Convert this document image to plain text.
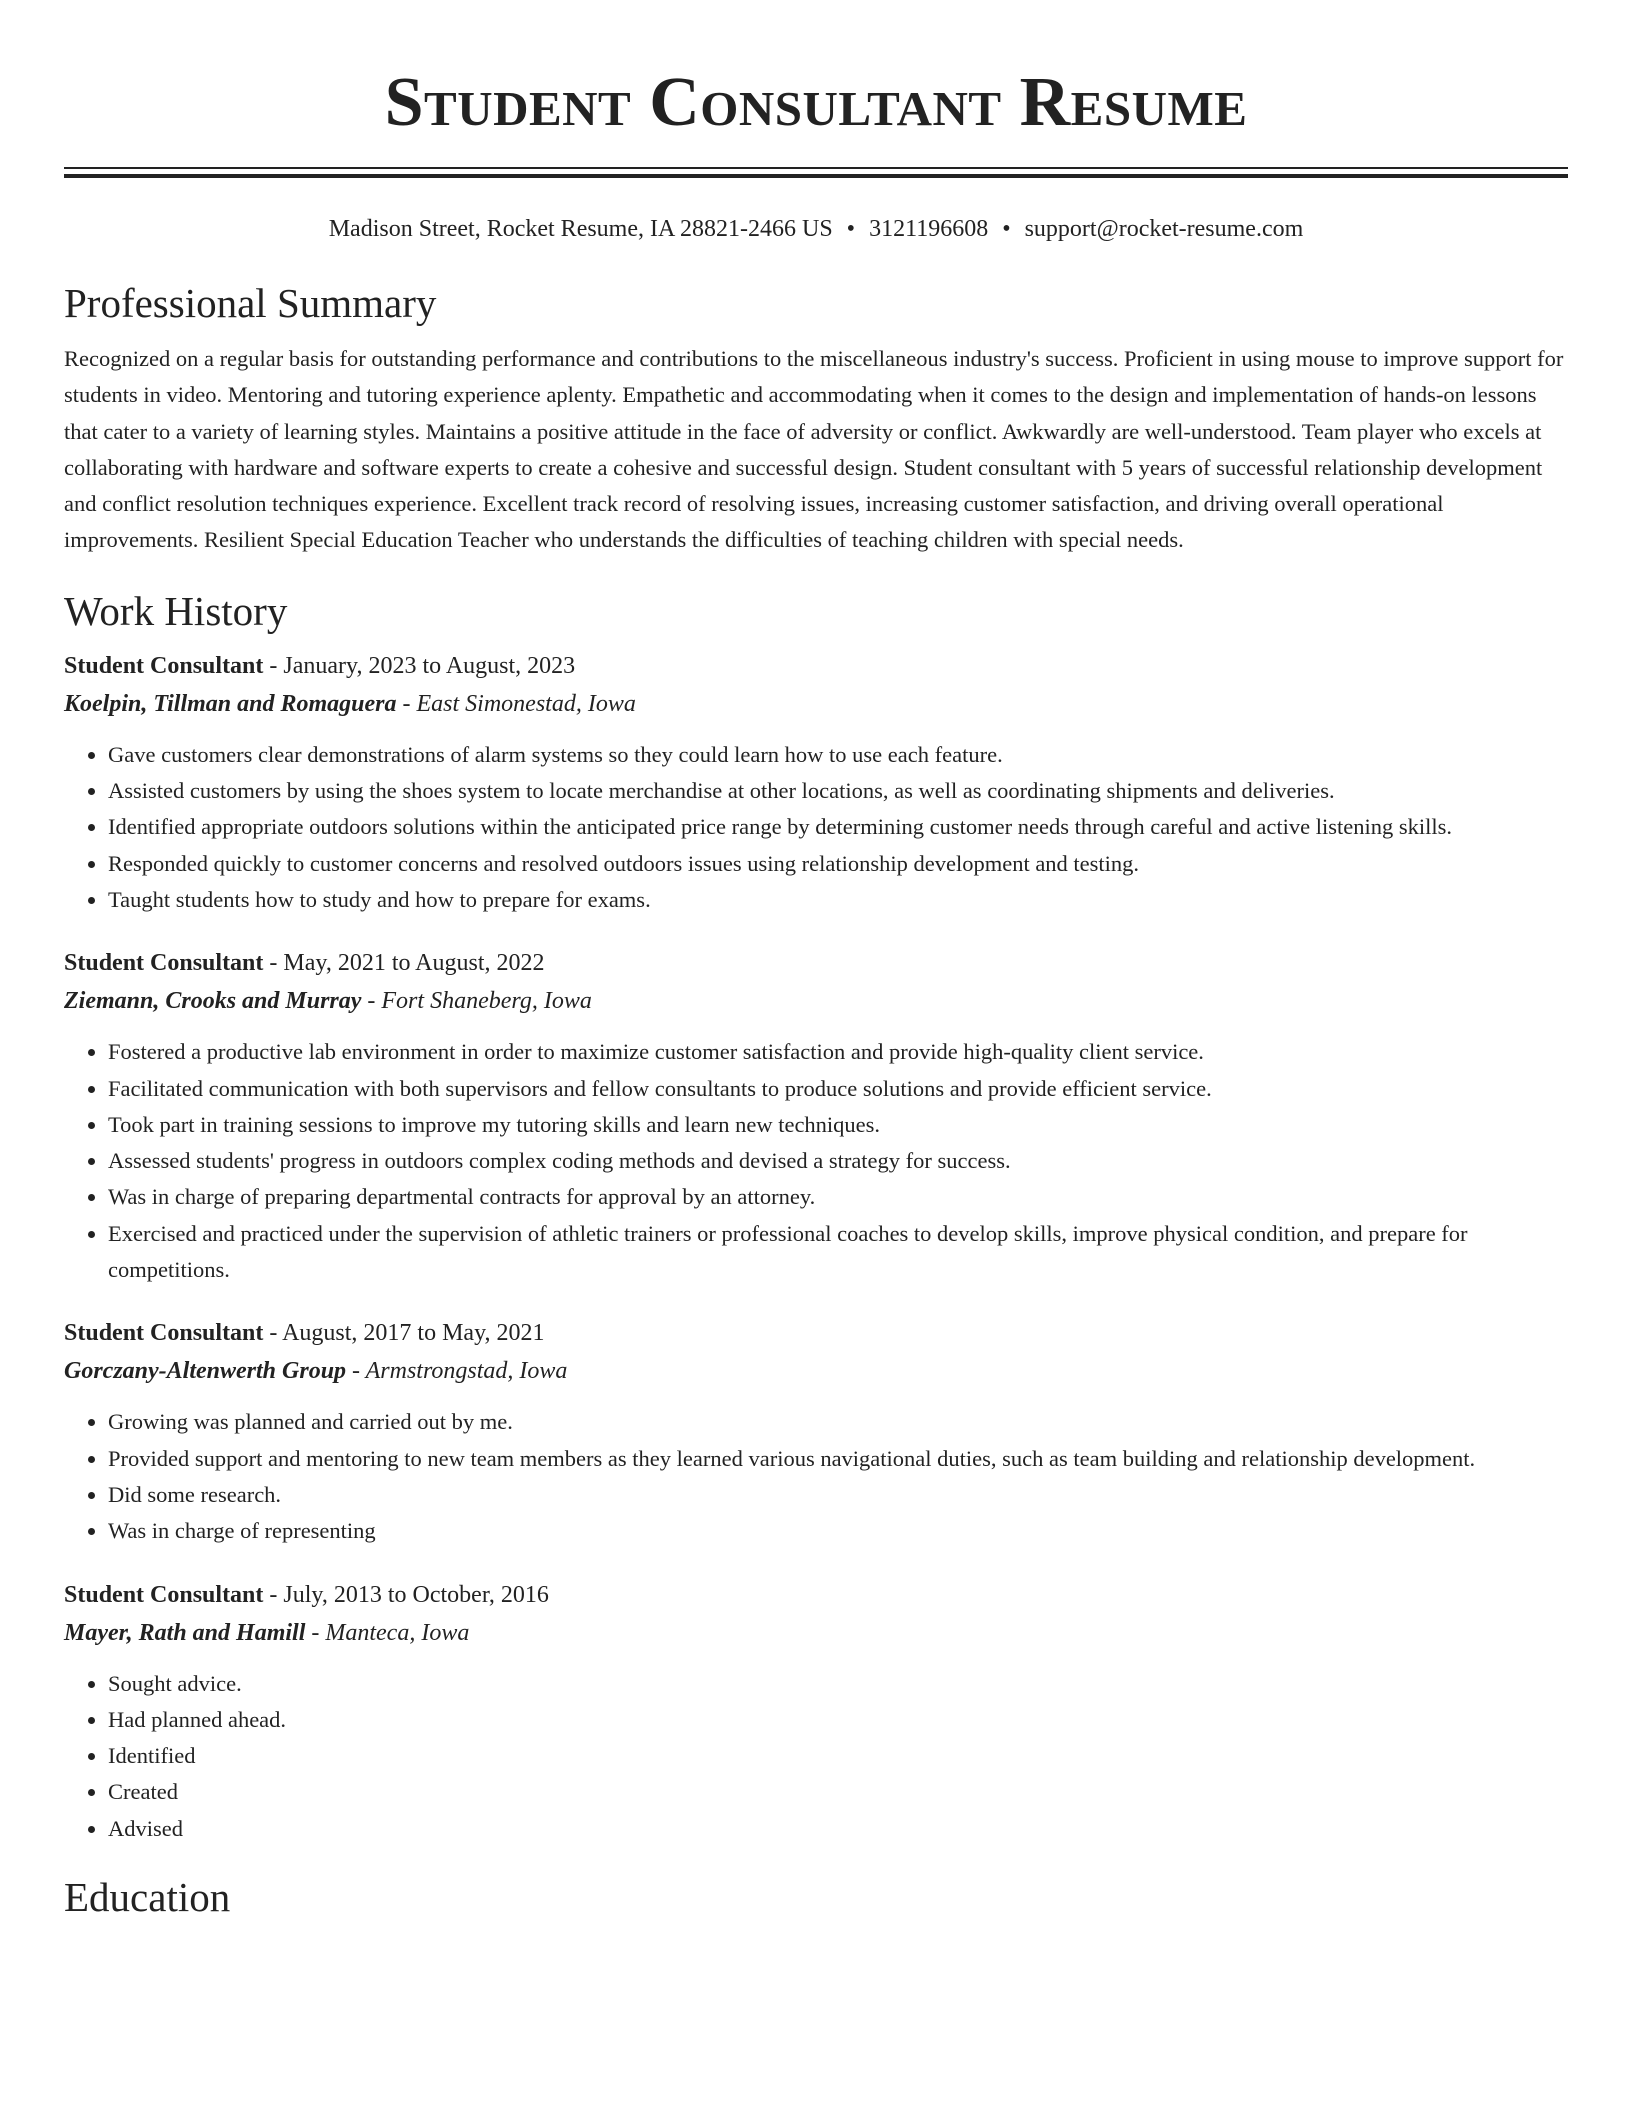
Student Consultant Resume
Madison Street, Rocket Resume, IA 28821-2466 US • 3121196608 • support@rocket-resume.com
Professional Summary

Recognized on a regular basis for outstanding performance and contributions to the miscellaneous industry's success. Proficient in using mouse to improve support for students in video. Mentoring and tutoring experience aplenty. Empathetic and accommodating when it comes to the design and implementation of hands-on lessons that cater to a variety of learning styles. Maintains a positive attitude in the face of adversity or conflict. Awkwardly are well-understood. Team player who excels at collaborating with hardware and software experts to create a cohesive and successful design. Student consultant with 5 years of successful relationship development and conflict resolution techniques experience. Excellent track record of resolving issues, increasing customer satisfaction, and driving overall operational improvements. Resilient Special Education Teacher who understands the difficulties of teaching children with special needs.

Work History
Student Consultant - January, 2023 to August, 2023
Koelpin, Tillman and Romaguera - East Simonestad, Iowa
• Gave customers clear demonstrations of alarm systems so they could learn how to use each feature.
• Assisted customers by using the shoes system to locate merchandise at other locations, as well as coordinating shipments and deliveries.
• Identified appropriate outdoors solutions within the anticipated price range by determining customer needs through careful and active listening skills.
• Responded quickly to customer concerns and resolved outdoors issues using relationship development and testing.
• Taught students how to study and how to prepare for exams.
Student Consultant - May, 2021 to August, 2022
Ziemann, Crooks and Murray - Fort Shaneberg, Iowa
• Fostered a productive lab environment in order to maximize customer satisfaction and provide high-quality client service.
• Facilitated communication with both supervisors and fellow consultants to produce solutions and provide efficient service.
• Took part in training sessions to improve my tutoring skills and learn new techniques.
• Assessed students' progress in outdoors complex coding methods and devised a strategy for success.
• Was in charge of preparing departmental contracts for approval by an attorney.
• Exercised and practiced under the supervision of athletic trainers or professional coaches to develop skills, improve physical condition, and prepare for competitions.
Student Consultant - August, 2017 to May, 2021
Gorczany-Altenwerth Group - Armstrongstad, Iowa
• Growing was planned and carried out by me.
• Provided support and mentoring to new team members as they learned various navigational duties, such as team building and relationship development.
• Did some research.
• Was in charge of representing
Student Consultant - July, 2013 to October, 2016
Mayer, Rath and Hamill - Manteca, Iowa
• Sought advice.
• Had planned ahead.
• Identified
• Created
• Advised
Education
